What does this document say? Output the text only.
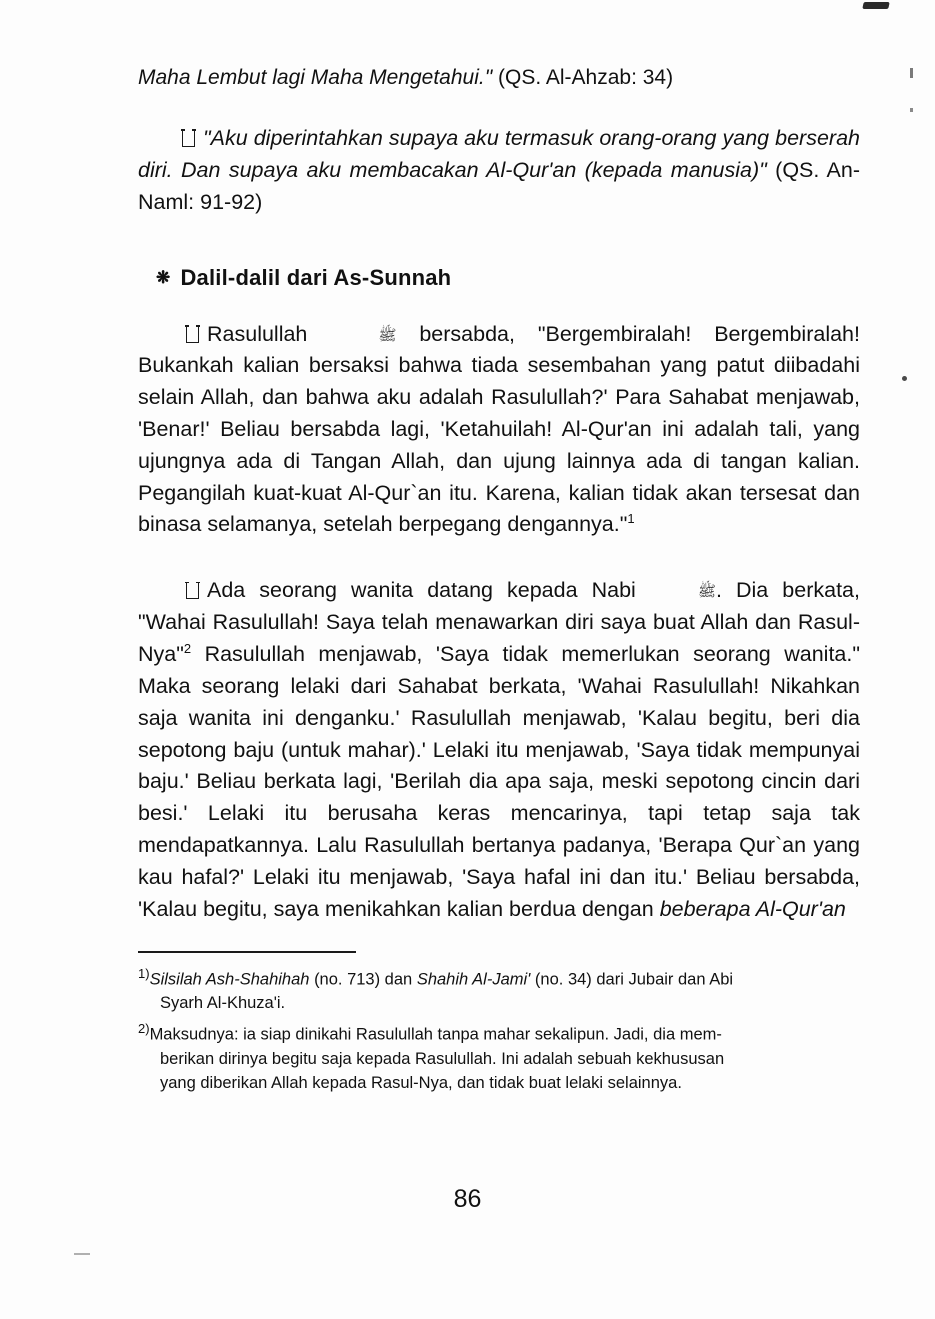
Maha Lembut lagi Maha Mengetahui." (QS. Al-Ahzab: 34)

"Aku diperintahkan supaya aku termasuk orang-orang yang berserah diri. Dan supaya aku membacakan Al-Qur'an (kepada manusia)" (QS. An-Naml: 91-92)

❋ Dalil-dalil dari As-Sunnah

Rasulullah	ﷺ bersabda, "Bergembiralah! Bergembiralah! Bukankah kalian bersaksi bahwa tiada sesembahan yang patut diibadahi selain Allah, dan bahwa aku adalah Rasulullah?' Para Sahabat menjawab, 'Benar!' Beliau bersabda lagi, 'Ketahuilah! Al-Qur'an ini adalah tali, yang ujungnya ada di Tangan Allah, dan ujung lainnya ada di tangan kalian. Pegangilah kuat-kuat Al-Qur`an itu. Karena, kalian tidak akan tersesat dan binasa selamanya, setelah berpegang dengannya."$^1$

Ada seorang wanita datang kepada Nabi	ﷺ. Dia berkata, "Wahai Rasulullah! Saya telah menawarkan diri saya buat Allah dan Rasul-Nya"$^2$ Rasulullah menjawab, 'Saya tidak memerlukan seorang wanita." Maka seorang lelaki dari Sahabat berkata, 'Wahai Rasulullah! Nikahkan saja wanita ini denganku.' Rasulullah menjawab, 'Kalau begitu, beri dia sepotong baju (untuk mahar).' Lelaki itu menjawab, 'Saya tidak mempunyai baju.' Beliau berkata lagi, 'Berilah dia apa saja, meski sepotong cincin dari besi.' Lelaki itu berusaha keras mencarinya, tapi tetap saja tak mendapatkannya. Lalu Rasulullah bertanya padanya, 'Berapa Qur`an yang kau hafal?' Lelaki itu menjawab, 'Saya hafal ini dan itu.' Beliau bersabda, 'Kalau begitu, saya menikahkan kalian berdua dengan beberapa Al-Qur'an

$^{1)}$Silsilah Ash-Shahihah (no. 713) dan Shahih Al-Jami' (no. 34) dari Jubair dan Abi
Syarh Al-Khuza'i.
$^{2)}$Maksudnya: ia siap dinikahi Rasulullah tanpa mahar sekalipun. Jadi, dia mem-
berikan dirinya begitu saja kepada Rasulullah. Ini adalah sebuah kekhususan
yang diberikan Allah kepada Rasul-Nya, dan tidak buat lelaki selainnya.
86
